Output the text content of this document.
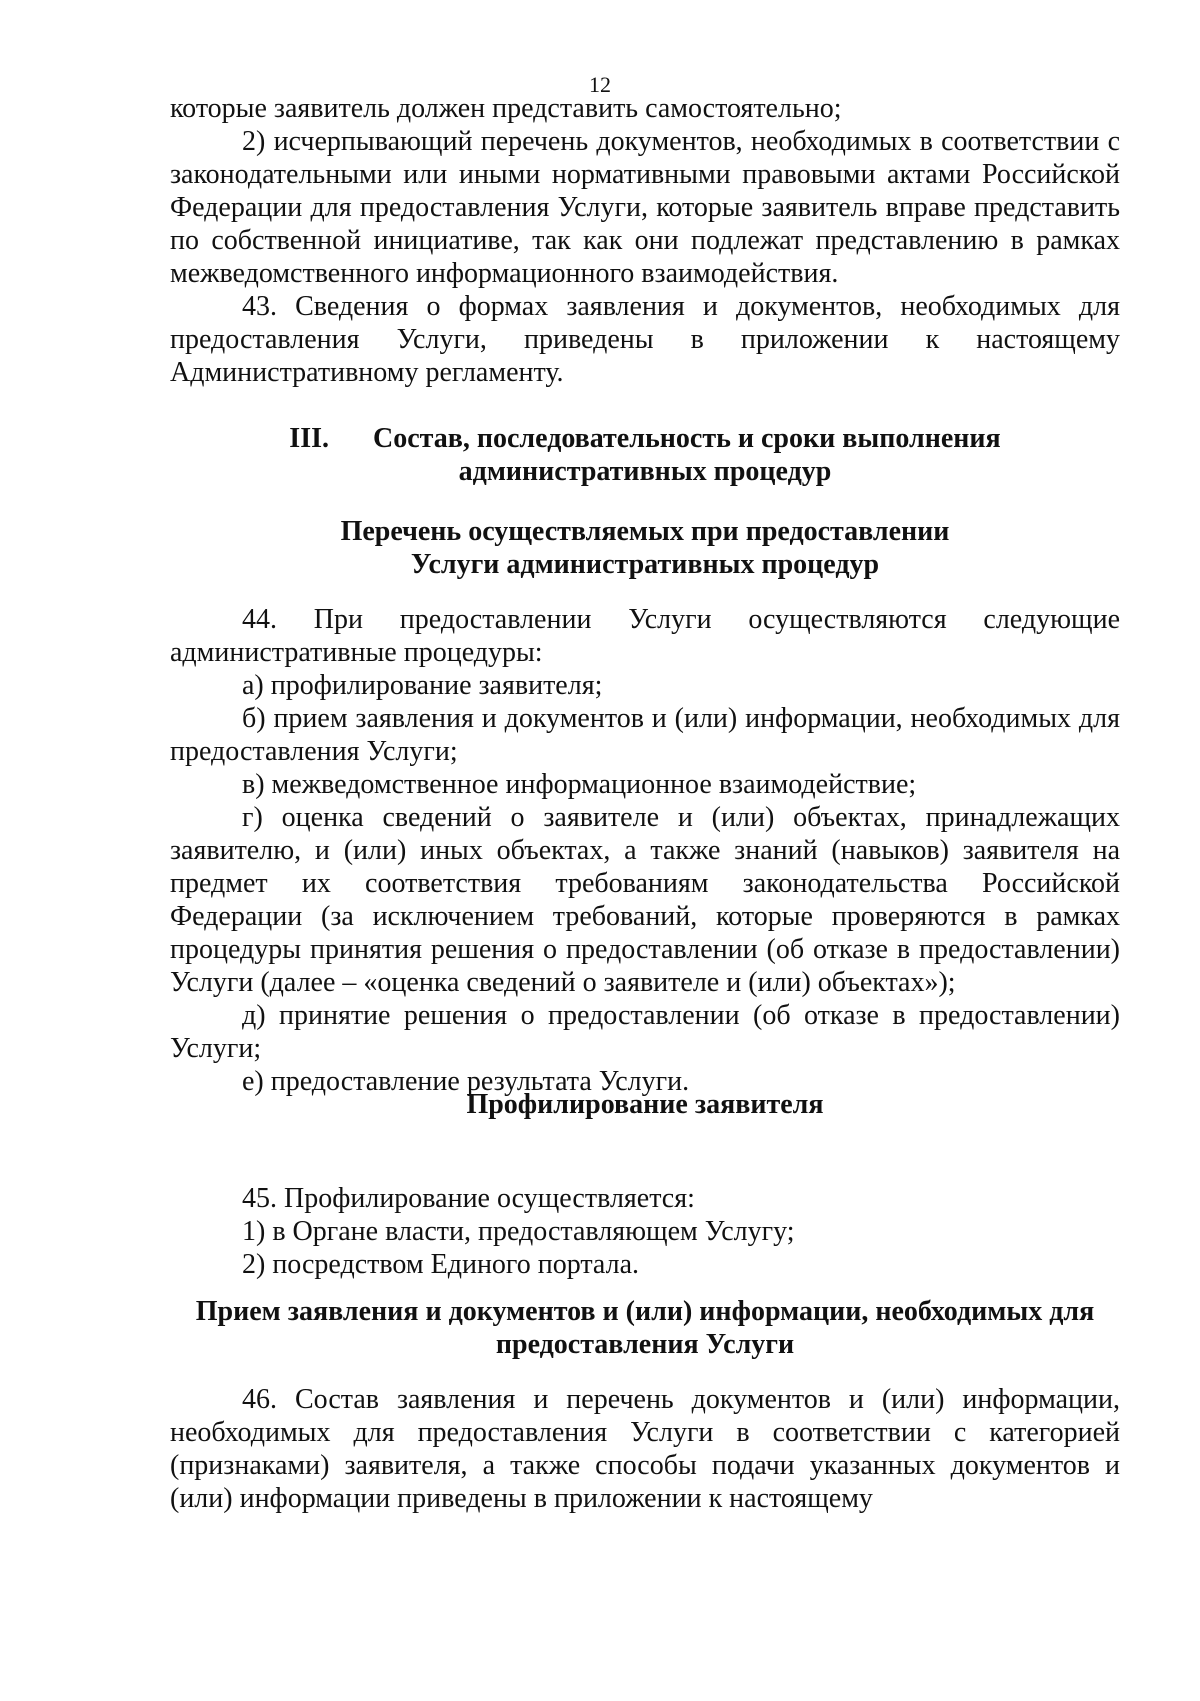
12

которые заявитель должен представить самостоятельно;

2) исчерпывающий перечень документов, необходимых в соответствии с законодательными или иными нормативными правовыми актами Российской Федерации для предоставления Услуги, которые заявитель вправе представить по собственной инициативе, так как они подлежат представлению в рамках межведомственного информационного взаимодействия.

43. Сведения о формах заявления и документов, необходимых для предоставления Услуги, приведены в приложении к настоящему Административному регламенту.

III. Состав, последовательность и сроки выполнения
административных процедур
Перечень осуществляемых при предоставлении
Услуги административных процедур

44. При предоставлении Услуги осуществляются следующие административные процедуры:

а) профилирование заявителя;

б) прием заявления и документов и (или) информации, необходимых для предоставления Услуги;

в) межведомственное информационное взаимодействие;

г) оценка сведений о заявителе и (или) объектах, принадлежащих заявителю, и (или) иных объектах, а также знаний (навыков) заявителя на предмет их соответствия требованиям законодательства Российской Федерации (за исключением требований, которые проверяются в рамках процедуры принятия решения о предоставлении (об отказе в предоставлении) Услуги (далее – «оценка сведений о заявителе и (или) объектах»);

д) принятие решения о предоставлении (об отказе в предоставлении) Услуги;

е) предоставление результата Услуги.

Профилирование заявителя

45. Профилирование осуществляется:

1) в Органе власти, предоставляющем Услугу;

2) посредством Единого портала.

Прием заявления и документов и (или) информации, необходимых для
предоставления Услуги

46. Состав заявления и перечень документов и (или) информации, необходимых для предоставления Услуги в соответствии с категорией (признаками) заявителя, а также способы подачи указанных документов и (или) информации приведены в приложении к настоящему
